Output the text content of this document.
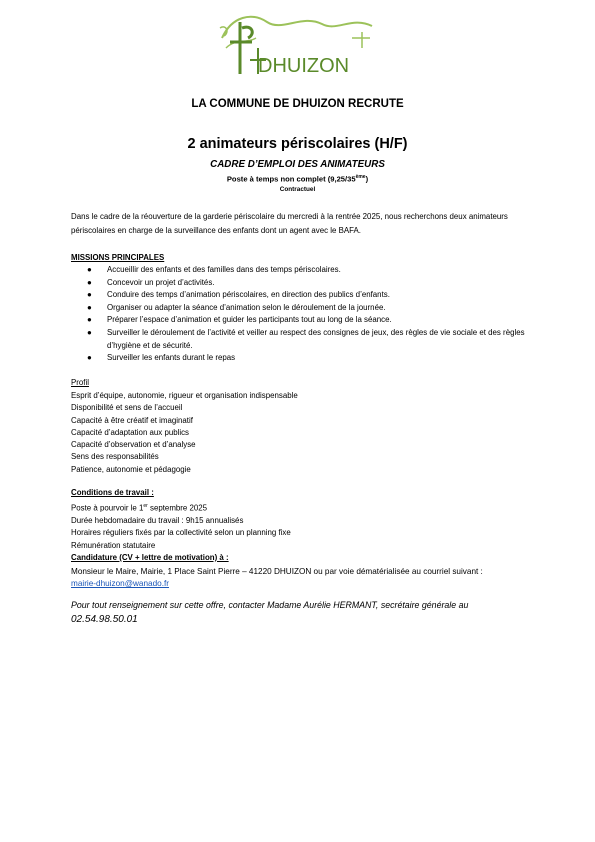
DHUIZON
LA COMMUNE DE DHUIZON RECRUTE
2 animateurs périscolaires (H/F)
CADRE D’EMPLOI DES ANIMATEURS
Poste à temps non complet (9,25/35ème)
Contractuel
Dans le cadre de la réouverture de la garderie périscolaire du mercredi à la rentrée 2025, nous recherchons deux animateurs périscolaires en charge de la surveillance des enfants dont un agent avec le BAFA.
MISSIONS PRINCIPALES
● Accueillir des enfants et des familles dans des temps périscolaires.
● Concevoir un projet d’activités.
● Conduire des temps d’animation périscolaires, en direction des publics d’enfants.
● Organiser ou adapter la séance d’animation selon le déroulement de la journée.
● Préparer l’espace d’animation et guider les participants tout au long de la séance.
● Surveiller le déroulement de l’activité et veiller au respect des consignes de jeux, des règles de vie sociale et des règles d’hygiène et de sécurité.
● Surveiller les enfants durant le repas
Profil
Esprit d’équipe, autonomie, rigueur et organisation indispensable
Disponibilité et sens de l’accueil
Capacité à être créatif et imaginatif
Capacité d’adaptation aux publics
Capacité d’observation et d’analyse
Sens des responsabilités
Patience, autonomie et pédagogie
Conditions de travail :
Poste à pourvoir le 1er septembre 2025
Durée hebdomadaire du travail : 9h15 annualisés
Horaires réguliers fixés par la collectivité selon un planning fixe
Rémunération statutaire
Candidature (CV + lettre de motivation) à :
Monsieur le Maire, Mairie, 1 Place Saint Pierre – 41220 DHUIZON ou par voie dématérialisée au courriel suivant :
mairie-dhuizon@wanado.fr
Pour tout renseignement sur cette offre, contacter Madame Aurélie HERMANT, secrétaire générale au
02.54.98.50.01
